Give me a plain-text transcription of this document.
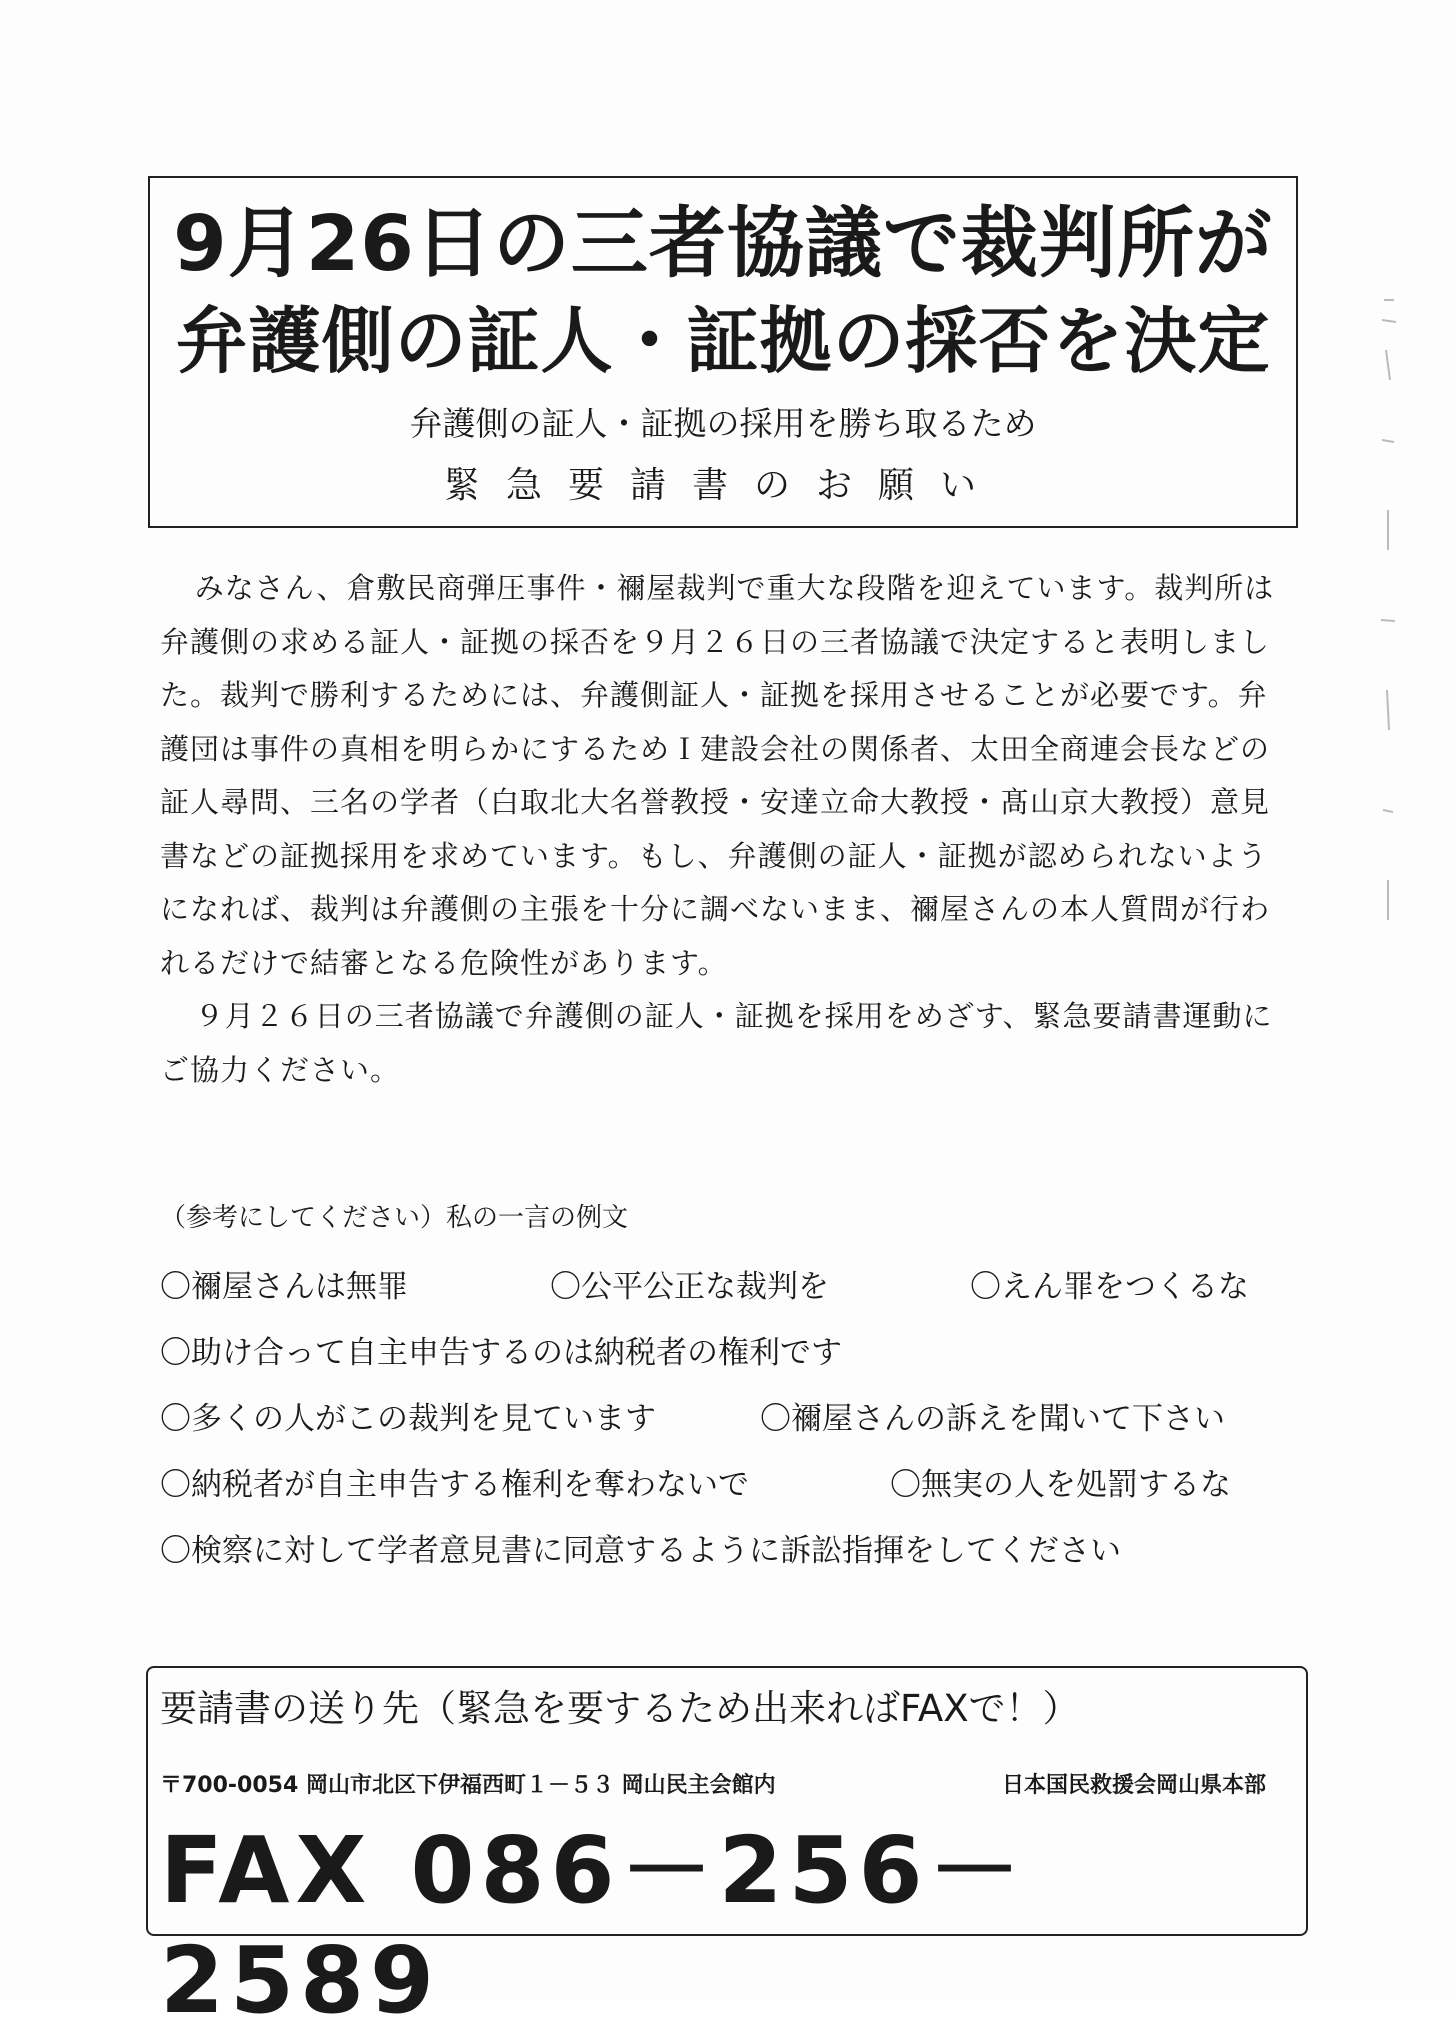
9月26日の三者協議で裁判所が
弁護側の証人・証拠の採否を決定
弁護側の証人・証拠の採用を勝ち取るため
緊急要請書のお願い

みなさん、倉敷民商弾圧事件・禰屋裁判で重大な段階を迎えています。裁判所は弁護側の求める証人・証拠の採否を９月２６日の三者協議で決定すると表明しました。裁判で勝利するためには、弁護側証人・証拠を採用させることが必要です。弁護団は事件の真相を明らかにするためＩ建設会社の関係者、太田全商連会長などの証人尋問、三名の学者（白取北大名誉教授・安達立命大教授・髙山京大教授）意見書などの証拠採用を求めています。もし、弁護側の証人・証拠が認められないようになれば、裁判は弁護側の主張を十分に調べないまま、禰屋さんの本人質問が行われるだけで結審となる危険性があります。

９月２６日の三者協議で弁護側の証人・証拠を採用をめざす、緊急要請書運動にご協力ください。

（参考にしてください）私の一言の例文
〇禰屋さんは無罪	〇公平公正な裁判を	〇えん罪をつくるな
〇助け合って自主申告するのは納税者の権利です
〇多くの人がこの裁判を見ています	〇禰屋さんの訴えを聞いて下さい
〇納税者が自主申告する権利を奪わないで	〇無実の人を処罰するな
〇検察に対して学者意見書に同意するように訴訟指揮をしてください
要請書の送り先（緊急を要するため出来ればFAXで！）
〒700-0054 岡山市北区下伊福西町１－５３ 岡山民主会館内	日本国民救援会岡山県本部
FAX 086－256－2589
